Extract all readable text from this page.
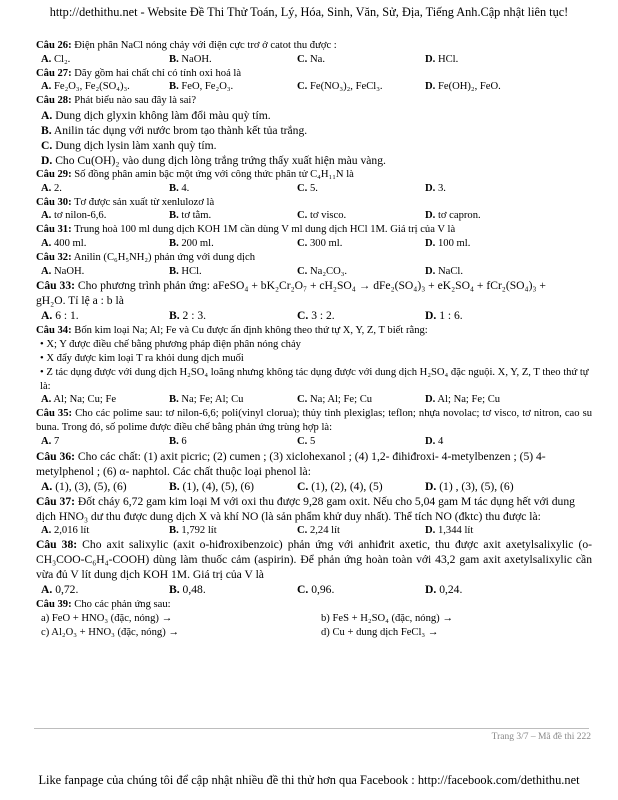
http://dethithu.net - Website Đề Thi Thử Toán, Lý, Hóa, Sinh, Văn, Sử, Địa, Tiếng Anh.Cập nhật liên tục!
Câu 26: Điện phân NaCl nóng chảy với điện cực trơ ở catot thu được :
A. Cl₂.	B. NaOH.	C. Na.	D. HCl.
Câu 27: Dãy gồm hai chất chỉ có tính oxi hoá là
A. Fe₂O₃, Fe₂(SO₄)₃.	B. FeO, Fe₂O₃.	C. Fe(NO₃)₂, FeCl₃.	D. Fe(OH)₂, FeO.
Câu 28: Phát biểu nào sau đây là sai?
A. Dung dịch glyxin không làm đổi màu quỳ tím.
B. Anilin tác dụng với nước brom tạo thành kết tủa trắng.
C. Dung dịch lysin làm xanh quỳ tím.
D. Cho Cu(OH)₂ vào dung dịch lòng trắng trứng thấy xuất hiện màu vàng.
Câu 29: Số đồng phân amin bậc một ứng với công thức phân tử C₄H₁₁N là
A. 2.	B. 4.	C. 5.	D. 3.
Câu 30: Tơ được sản xuất từ xenlulozơ là
A. tơ nilon-6,6.	B. tơ tằm.	C. tơ visco.	D. tơ capron.
Câu 31: Trung hoà 100 ml dung dịch KOH 1M cần dùng V ml dung dịch HCl 1M. Giá trị của V là
A. 400 ml.	B. 200 ml.	C. 300 ml.	D. 100 ml.
Câu 32: Anilin (C₆H₅NH₂) phản ứng với dung dịch
A. NaOH.	B. HCl.	C. Na₂CO₃.	D. NaCl.
Câu 33: Cho phương trình phản ứng: aFeSO₄ + bK₂Cr₂O₇ + cH₂SO₄ → dFe₂(SO₄)₃ + eK₂SO₄ + fCr₂(SO₄)₃ +
gH₂O. Tỉ lệ a : b là
A. 6 : 1.	B. 2 : 3.	C. 3 : 2.	D. 1 : 6.
Câu 34: Bốn kim loại Na; Al; Fe và Cu được ấn định không theo thứ tự X, Y, Z, T biết rằng:
• X; Y được điều chế bằng phương pháp điện phân nóng chảy
• X đẩy được kim loại T ra khỏi dung dịch muối
• Z tác dụng được với dung dịch H₂SO₄ loãng nhưng không tác dụng được với dung dịch H₂SO₄ đặc nguội. X, Y, Z, T theo thứ tự là:
A. Al; Na; Cu; Fe	B. Na; Fe; Al; Cu	C. Na; Al; Fe; Cu	D. Al; Na; Fe; Cu
Câu 35: Cho các polime sau: tơ nilon-6,6; poli(vinyl clorua); thủy tinh plexiglas; teflon; nhựa novolac; tơ visco, tơ nitron, cao su buna. Trong đó, số polime được điều chế bằng phản ứng trùng hợp là:
A. 7	B. 6	C. 5	D. 4
Câu 36: Cho các chất: (1) axit picric; (2) cumen ; (3) xiclohexanol ; (4) 1,2- đihiđroxi- 4-metylbenzen ; (5) 4- metylphenol ; (6) α- naphtol. Các chất thuộc loại phenol là:
A. (1), (3), (5), (6)	B. (1), (4), (5), (6)	C. (1), (2), (4), (5)	D. (1) , (3), (5), (6)
Câu 37: Đốt cháy 6,72 gam kim loại M với oxi thu được 9,28 gam oxit. Nếu cho 5,04 gam M tác dụng hết với dung dịch HNO₃ dư thu được dung dịch X và khí NO (là sản phẩm khử duy nhất). Thể tích NO (đktc) thu được là:
A. 2,016 lít	B. 1,792 lít	C. 2,24 lít	D. 1,344 lít
Câu 38: Cho axit salixylic (axit o-hiđroxibenzoic) phản ứng với anhiđrit axetic, thu được axit axetylsalixylic (o-CH₃COO-C₆H₄-COOH) dùng làm thuốc cảm (aspirin). Để phản ứng hoàn toàn với 43,2 gam axit axetylsalixylic cần vừa đủ V lít dung dịch KOH 1M. Giá trị của V là
A. 0,72.	B. 0,48.	C. 0,96.	D. 0,24.
Câu 39: Cho các phản ứng sau:
a) FeO + HNO₃ (đặc, nóng) →	b) FeS + H₂SO₄ (đặc, nóng) →
c) Al₂O₃ + HNO₃ (đặc, nóng) →	d) Cu + dung dịch FeCl₃ →
Trang 3/7 – Mã đề thi 222
Like fanpage của chúng tôi để cập nhật nhiều đề thi thử hơn qua Facebook : http://facebook.com/dethithu.net
